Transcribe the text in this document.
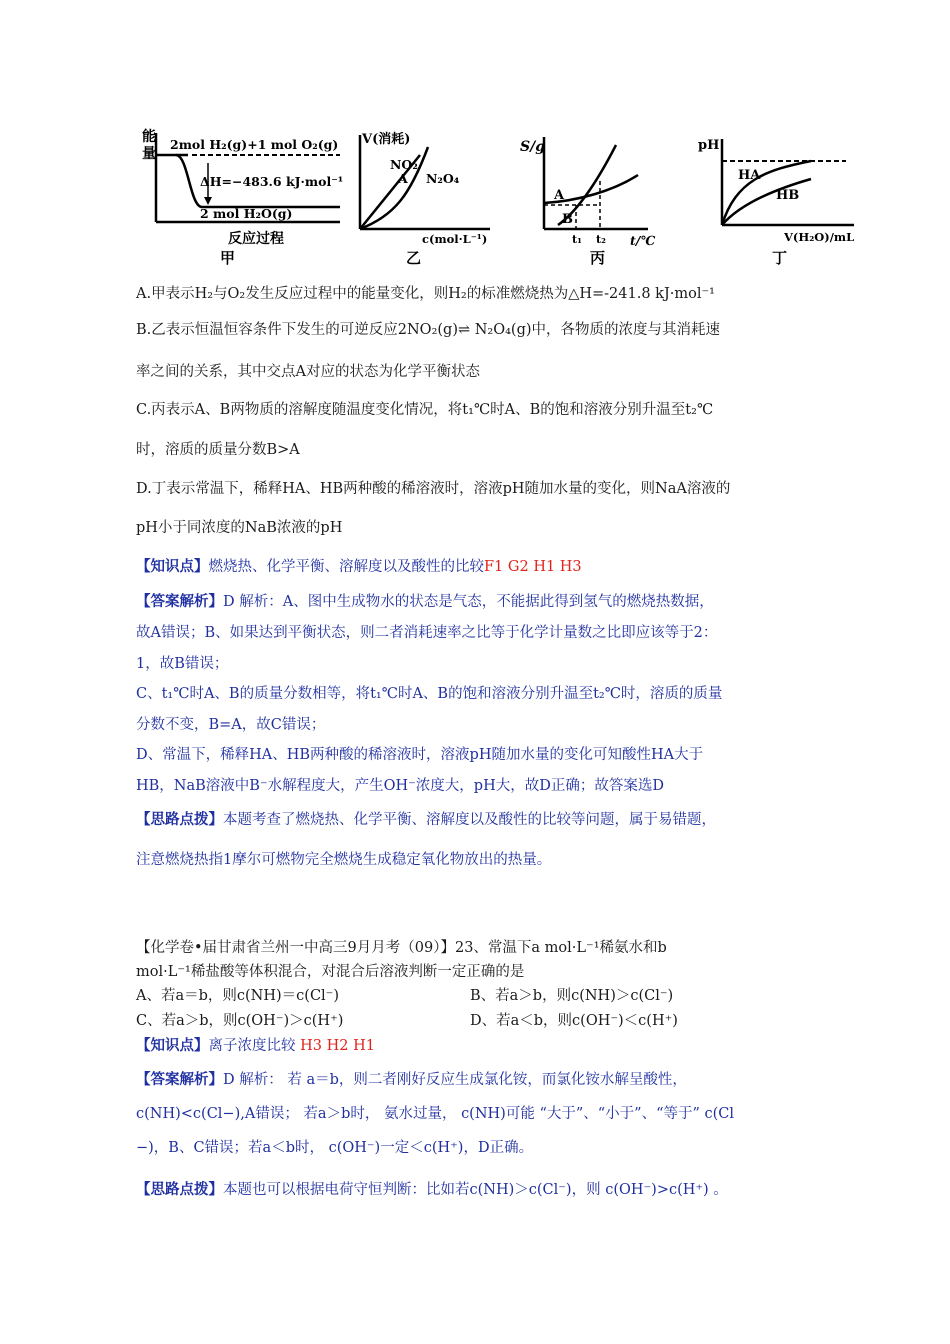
能
量
2mol H₂(g)+1 mol O₂(g)
ΔH=−483.6 kJ·mol⁻¹
2 mol H₂O(g)
反应过程
甲
V(消耗)
NO₂
A N₂O₄
c(mol·L⁻¹)
乙
S/g
A
B
t₁ t₂ t/℃
丙
pH
HA
HB
V(H₂O)/mL
丁
A.甲表示H₂与O₂发生反应过程中的能量变化，则H₂的标准燃烧热为△H=-241.8 kJ·mol⁻¹
B.乙表示恒温恒容条件下发生的可逆反应2NO₂(g)⇌ N₂O₄(g)中，各物质的浓度与其消耗速
率之间的关系，其中交点A对应的状态为化学平衡状态
C.丙表示A、B两物质的溶解度随温度变化情况，将t₁℃时A、B的饱和溶液分别升温至t₂℃
时，溶质的质量分数B>A
D.丁表示常温下，稀释HA、HB两种酸的稀溶液时，溶液pH随加水量的变化，则NaA溶液的
pH小于同浓度的NaB浓液的pH
【知识点】燃烧热、化学平衡、溶解度以及酸性的比较F1 G2 H1 H3
【答案解析】D 解析：A、图中生成物水的状态是气态，不能据此得到氢气的燃烧热数据，
故A错误；B、如果达到平衡状态，则二者消耗速率之比等于化学计量数之比即应该等于2：
1，故B错误；
C、t₁℃时A、B的质量分数相等，将t₁℃时A、B的饱和溶液分别升温至t₂℃时，溶质的质量
分数不变，B=A，故C错误；
D、常温下，稀释HA、HB两种酸的稀溶液时，溶液pH随加水量的变化可知酸性HA大于
HB，NaB溶液中B⁻水解程度大，产生OH⁻浓度大，pH大，故D正确；故答案选D
【思路点拨】本题考查了燃烧热、化学平衡、溶解度以及酸性的比较等问题，属于易错题，
注意燃烧热指1摩尔可燃物完全燃烧生成稳定氧化物放出的热量。
【化学卷•届甘肃省兰州一中高三9月月考（09）】23、常温下a mol·L⁻¹稀氨水和b
mol·L⁻¹稀盐酸等体积混合，对混合后溶液判断一定正确的是
A、若a＝b，则c(NH)＝c(Cl⁻)	B、若a＞b，则c(NH)＞c(Cl⁻)
C、若a＞b，则c(OH⁻)＞c(H⁺)	D、若a＜b，则c(OH⁻)＜c(H⁺)
【知识点】离子浓度比较 H3 H2 H1
【答案解析】D 解析： 若 a＝b，则二者刚好反应生成氯化铵，而氯化铵水解呈酸性，
c(NH)<c(Cl−),A错误； 若a＞b时， 氨水过量， c(NH)可能 “大于”、“小于”、“等于” c(Cl
−)，B、C错误；若a＜b时， c(OH⁻)一定＜c(H⁺)，D正确。
【思路点拨】本题也可以根据电荷守恒判断：比如若c(NH)＞c(Cl⁻)，则 c(OH⁻)>c(H⁺) 。
